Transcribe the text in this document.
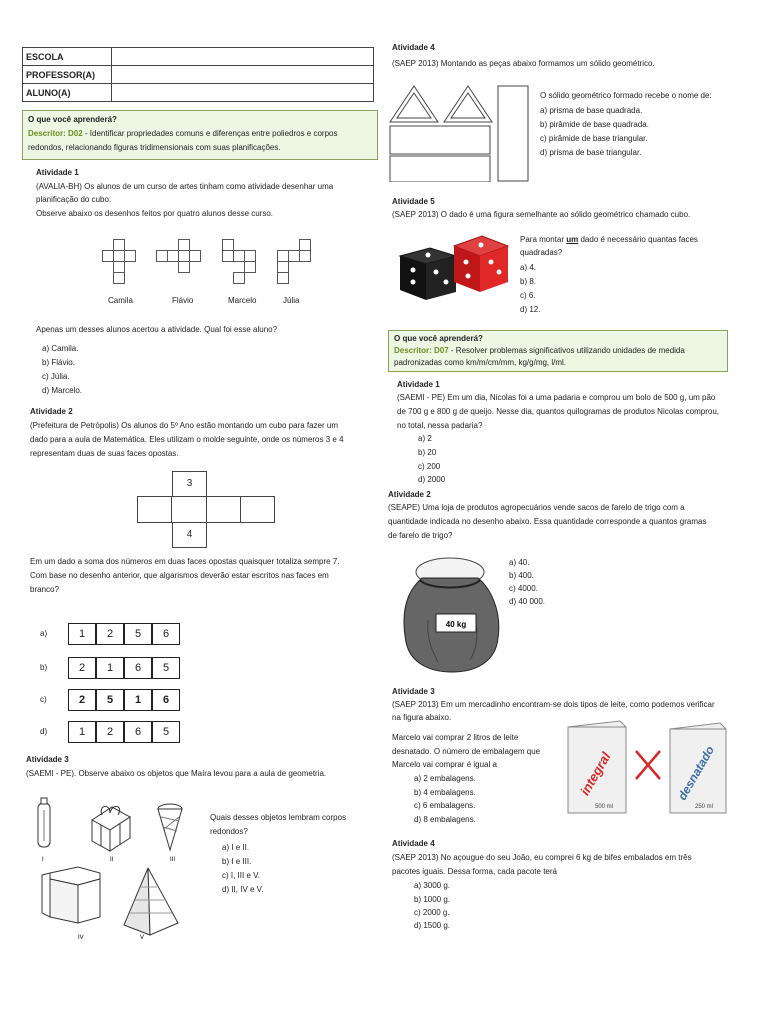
ESCOLA	
PROFESSOR(A)	
ALUNO(A)	
O que você aprenderá?
Descritor: D02 - Identificar propriedades comuns e diferenças entre poliedros e corpos
redondos, relacionando figuras tridimensionais com suas planificações.
Atividade 1
(AVALIA-BH) Os alunos de um curso de artes tinham como atividade desenhar uma
planificação do cubo.
Observe abaixo os desenhos feitos por quatro alunos desse curso.
Camila	Flávio	Marcelo	Júlia
Apenas um desses alunos acertou a atividade. Qual foi esse aluno?
a) Camila.
b) Flávio.
c) Júlia.
d) Marcelo.
Atividade 2
(Prefeitura de Petrópolis) Os alunos do 5º Ano estão montando um cubo para fazer um
dado para a aula de Matemática. Eles utilizam o molde seguinte, onde os números 3 e 4
representam duas de suas faces opostas.
3
4
Em um dado a soma dos números em duas faces opostas quaisquer totaliza sempre 7.
Com base no desenho anterior, que algarismos deverão estar escritos nas faces em
branco?
a)	1	2	5	6
b)	2	1	6	5
c)	2	5	1	6
d)	1	2	6	5
Atividade 3
(SAEMI - PE). Observe abaixo os objetos que Maíra levou para a aula de geometria.
I	II	III
IV	V
Quais desses objetos lembram corpos
redondos?
a) I e II.
b) I e III.
c) I, III e V.
d) II, IV e V.
Atividade 4
(SAEP 2013) Montando as peças abaixo formamos um sólido geométrico.
O sólido geométrico formado recebe o nome de:
a) prisma de base quadrada.
b) pirâmide de base quadrada.
c) pirâmide de base triangular.
d) prisma de base triangular.
Atividade 5
(SAEP 2013) O dado é uma figura semelhante ao sólido geométrico chamado cubo.
Para montar um dado é necessário quantas faces
quadradas?
a) 4.
b) 8.
c) 6.
d) 12.
O que você aprenderá?
Descritor: D07 - Resolver problemas significativos utilizando unidades de medida
padronizadas como km/m/cm/mm, kg/g/mg, l/ml.
Atividade 1
(SAEMI - PE) Em um dia, Nicolas foi a uma padaria e comprou um bolo de 500 g, um pão
de 700 g e 800 g de queijo. Nesse dia, quantos quilogramas de produtos Nicolas comprou,
no total, nessa padaria?
a) 2
b) 20
c) 200
d) 2000
Atividade 2
(SEAPE) Uma loja de produtos agropecuários vende sacos de farelo de trigo com a
quantidade indicada no desenho abaixo. Essa quantidade corresponde a quantos gramas
de farelo de trigo?
40 kg
a) 40.
b) 400.
c) 4000.
d) 40 000.
Atividade 3
(SAEP 2013) Em um mercadinho encontram-se dois tipos de leite, como podemos verificar
na figura abaixo.
Marcelo vai comprar 2 litros de leite
desnatado. O número de embalagem que
Marcelo vai comprar é igual a
a) 2 embalagens.
b) 4 embalagens.
c) 6 embalagens.
d) 8 embalagens.
integral
500 ml
desnatado
250 ml
Atividade 4
(SAEP 2013) No açougue do seu João, eu comprei 6 kg de bifes embalados em três
pacotes iguais. Dessa forma, cada pacote terá
a) 3000 g.
b) 1000 g.
c) 2000 g.
d) 1500 g.
